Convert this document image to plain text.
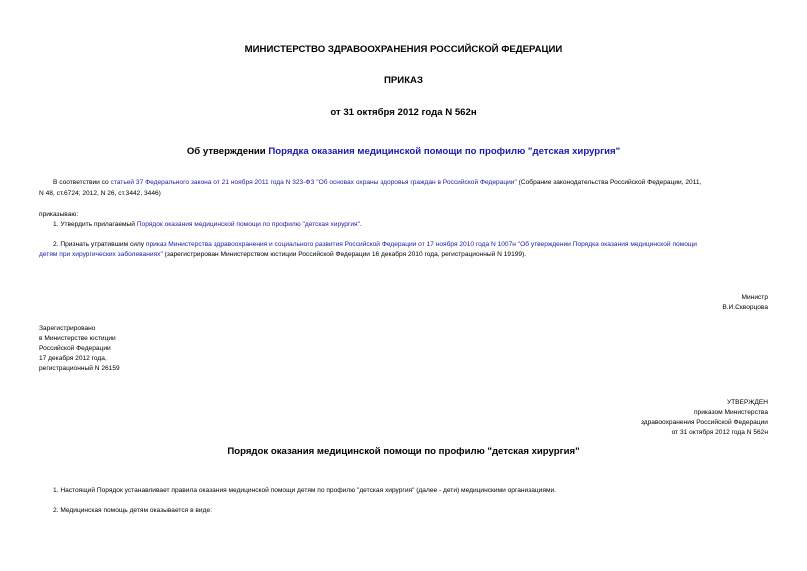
МИНИСТЕРСТВО ЗДРАВООХРАНЕНИЯ РОССИЙСКОЙ ФЕДЕРАЦИИ
ПРИКАЗ
от 31 октября 2012 года N 562н
Об утверждении Порядка оказания медицинской помощи по профилю "детская хирургия"
В соответствии со статьей 37 Федерального закона от 21 ноября 2011 года N 323-ФЗ "Об основах охраны здоровья граждан в Российской Федерации" (Собрание законодательства Российской Федерации, 2011,
N 48, ст.6724; 2012, N 26, ст.3442, 3446)
приказываю:
1. Утвердить прилагаемый Порядок оказания медицинской помощи по профилю "детская хирургия".
2. Признать утратившим силу приказ Министерства здравоохранения и социального развития Российской Федерации от 17 ноября 2010 года N 1007н "Об утверждении Порядка оказания медицинской помощи
детям при хирургических заболеваниях" (зарегистрирован Министерством юстиции Российской Федерации 16 декабря 2010 года, регистрационный N 19199).
Министр
В.И.Скворцова
Зарегистрировано
в Министерстве юстиции
Российской Федерации
17 декабря 2012 года,
регистрационный N 26159
УТВЕРЖДЕН
приказом Министерства
здравоохранения Российской Федерации
от 31 октября 2012 года N 562н
Порядок оказания медицинской помощи по профилю "детская хирургия"
1. Настоящий Порядок устанавливает правила оказания медицинской помощи детям по профилю "детская хирургия" (далее - дети) медицинскими организациями.
2. Медицинская помощь детям оказывается в виде:
